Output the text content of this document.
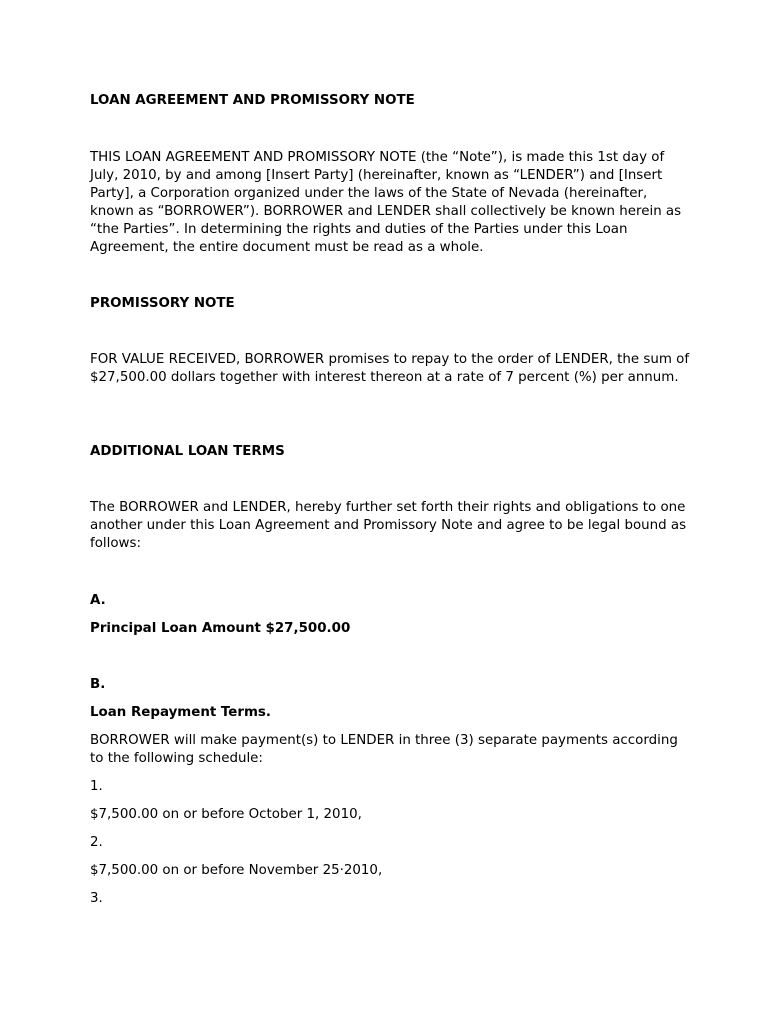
LOAN AGREEMENT AND PROMISSORY NOTE

THIS LOAN AGREEMENT AND PROMISSORY NOTE (the “Note”), is made this 1st day of July, 2010, by and among [Insert Party] (hereinafter, known as “LENDER”) and [Insert Party], a Corporation organized under the laws of the State of Nevada (hereinafter, known as “BORROWER”). BORROWER and LENDER shall collectively be known herein as “the Parties”. In determining the rights and duties of the Parties under this Loan Agreement, the entire document must be read as a whole.

PROMISSORY NOTE

FOR VALUE RECEIVED, BORROWER promises to repay to the order of LENDER, the sum of $27,500.00 dollars together with interest thereon at a rate of 7 percent (%) per annum.

ADDITIONAL LOAN TERMS

The BORROWER and LENDER, hereby further set forth their rights and obligations to one another under this Loan Agreement and Promissory Note and agree to be legal bound as follows:

A.

Principal Loan Amount $27,500.00

B.

Loan Repayment Terms.

BORROWER will make payment(s) to LENDER in three (3) separate payments according to the following schedule:

1.

$7,500.00 on or before October 1, 2010,

2.

$7,500.00 on or before November 25·2010,

3.
